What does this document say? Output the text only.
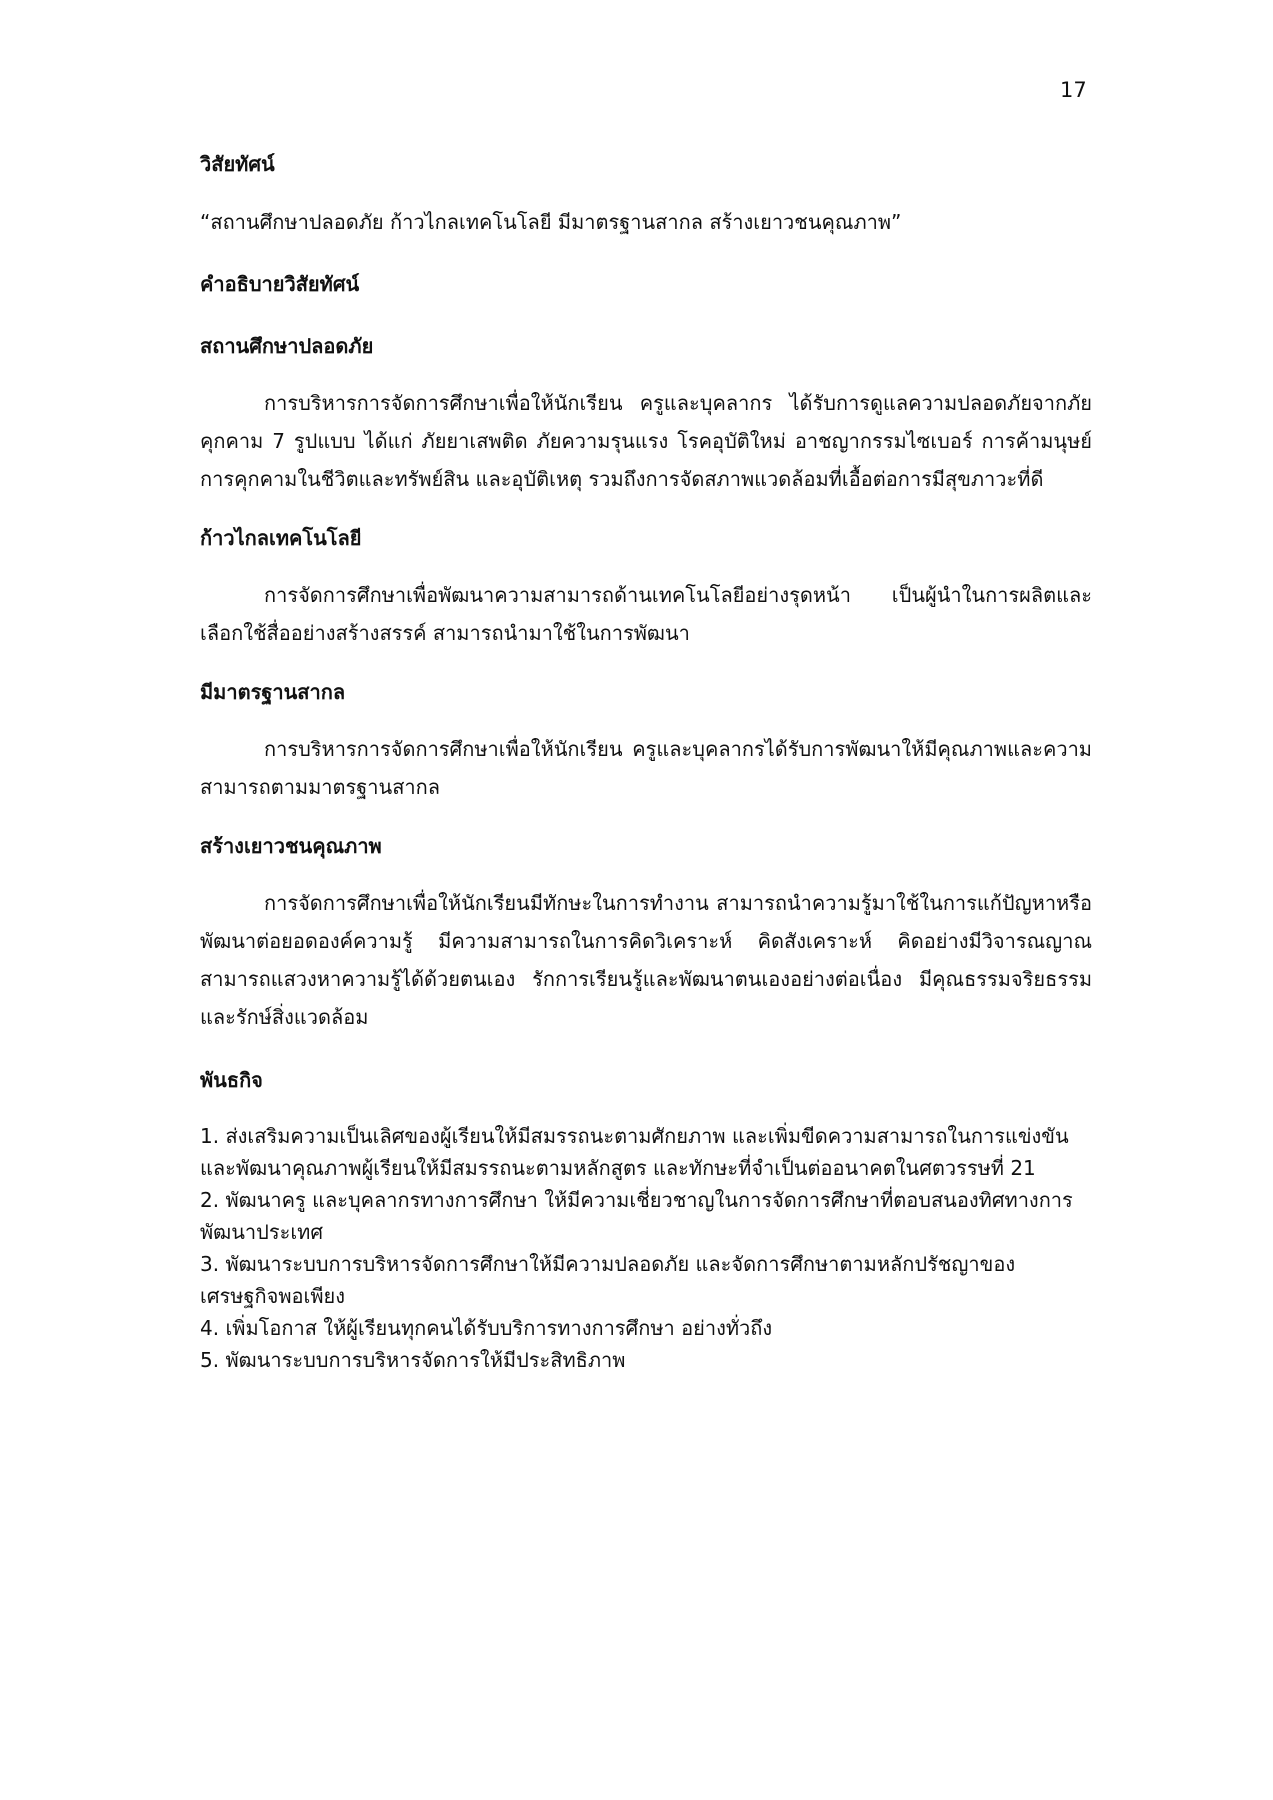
17
วิสัยทัศน์

“สถานศึกษาปลอดภัย ก้าวไกลเทคโนโลยี มีมาตรฐานสากล สร้างเยาวชนคุณภาพ”

คำอธิบายวิสัยทัศน์
สถานศึกษาปลอดภัย

การบริหารการจัดการศึกษาเพื่อให้นักเรียน ครูและบุคลากร ได้รับการดูแลความปลอดภัยจากภัยคุกคาม 7 รูปแบบ ได้แก่ ภัยยาเสพติด ภัยความรุนแรง โรคอุบัติใหม่ อาชญากรรมไซเบอร์ การค้ามนุษย์ การคุกคามในชีวิตและทรัพย์สิน และอุบัติเหตุ รวมถึงการจัดสภาพแวดล้อมที่เอื้อต่อการมีสุขภาวะที่ดี

ก้าวไกลเทคโนโลยี

การจัดการศึกษาเพื่อพัฒนาความสามารถด้านเทคโนโลยีอย่างรุดหน้า เป็นผู้นำในการผลิตและเลือกใช้สื่ออย่างสร้างสรรค์ สามารถนำมาใช้ในการพัฒนา

มีมาตรฐานสากล

การบริหารการจัดการศึกษาเพื่อให้นักเรียน ครูและบุคลากรได้รับการพัฒนาให้มีคุณภาพและความสามารถตามมาตรฐานสากล

สร้างเยาวชนคุณภาพ

การจัดการศึกษาเพื่อให้นักเรียนมีทักษะในการทำงาน สามารถนำความรู้มาใช้ในการแก้ปัญหาหรือพัฒนาต่อยอดองค์ความรู้ มีความสามารถในการคิดวิเคราะห์ คิดสังเคราะห์ คิดอย่างมีวิจารณญาณ สามารถแสวงหาความรู้ได้ด้วยตนเอง รักการเรียนรู้และพัฒนาตนเองอย่างต่อเนื่อง มีคุณธรรมจริยธรรมและรักษ์สิ่งแวดล้อม

พันธกิจ
1. ส่งเสริมความเป็นเลิศของผู้เรียนให้มีสมรรถนะตามศักยภาพ และเพิ่มขีดความสามารถในการแข่งขันและพัฒนาคุณภาพผู้เรียนให้มีสมรรถนะตามหลักสูตร และทักษะที่จำเป็นต่ออนาคตในศตวรรษที่ 21
2. พัฒนาครู และบุคลากรทางการศึกษา ให้มีความเชี่ยวชาญในการจัดการศึกษาที่ตอบสนองทิศทางการพัฒนาประเทศ
3. พัฒนาระบบการบริหารจัดการศึกษาให้มีความปลอดภัย และจัดการศึกษาตามหลักปรัชญาของเศรษฐกิจพอเพียง
4. เพิ่มโอกาส ให้ผู้เรียนทุกคนได้รับบริการทางการศึกษา อย่างทั่วถึง
5. พัฒนาระบบการบริหารจัดการให้มีประสิทธิภาพ
